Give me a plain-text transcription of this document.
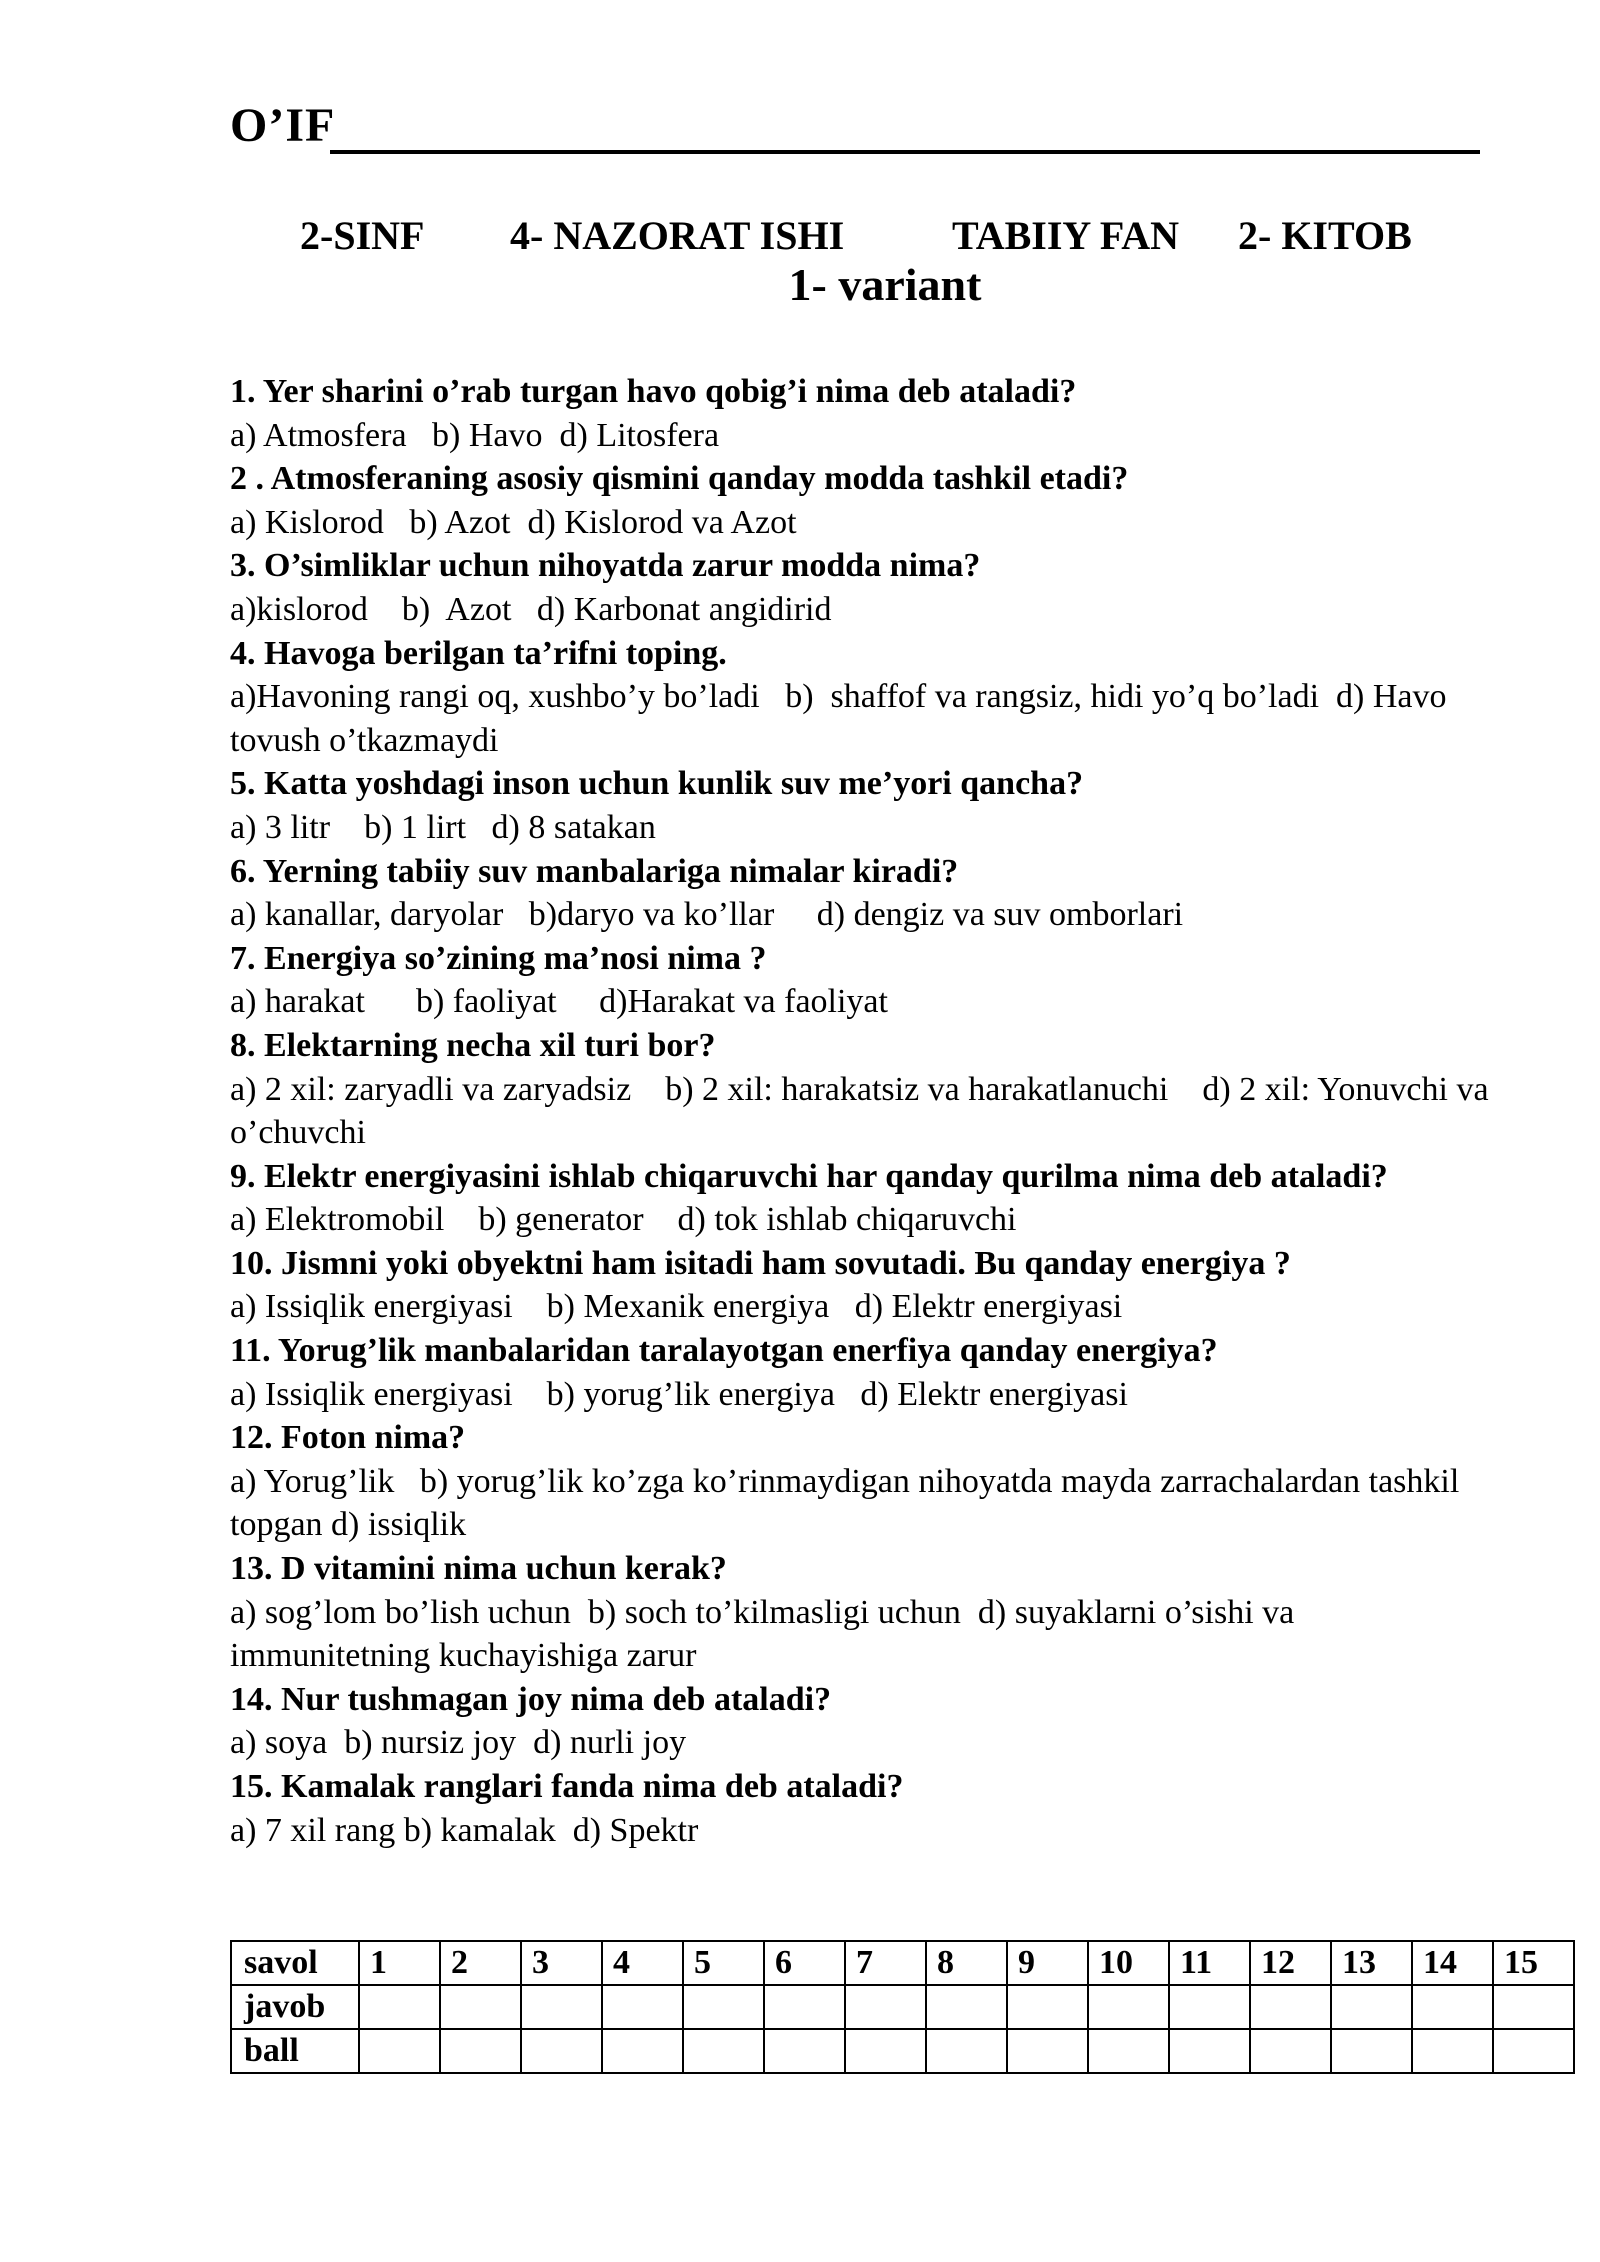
O’IF
2-SINF 4- NAZORAT ISHI	TABIIY FAN 2- KITOB
1- variant

1. Yer sharini o’rab turgan havo qobig’i nima deb ataladi?

a) Atmosfera   b) Havo  d) Litosfera

2 . Atmosferaning asosiy qismini qanday modda tashkil etadi?

a) Kislorod   b) Azot  d) Kislorod va Azot

3. O’simliklar uchun nihoyatda zarur modda nima?

a)kislorod    b)  Azot   d) Karbonat angidirid

4. Havoga berilgan ta’rifni toping.

a)Havoning rangi oq, xushbo’y bo’ladi   b)  shaffof va rangsiz, hidi yo’q bo’ladi  d) Havo tovush o’tkazmaydi

5. Katta yoshdagi inson uchun kunlik suv me’yori qancha?

a) 3 litr    b) 1 lirt   d) 8 satakan

6. Yerning tabiiy suv manbalariga nimalar kiradi?

a) kanallar, daryolar   b)daryo va ko’llar     d) dengiz va suv omborlari

7. Energiya so’zining ma’nosi nima ?

a) harakat      b) faoliyat     d)Harakat va faoliyat

8. Elektarning necha xil turi bor?

a) 2 xil: zaryadli va zaryadsiz    b) 2 xil: harakatsiz va harakatlanuchi    d) 2 xil: Yonuvchi va o’chuvchi

9. Elektr energiyasini ishlab chiqaruvchi har qanday qurilma nima deb ataladi?

a) Elektromobil    b) generator    d) tok ishlab chiqaruvchi

10. Jismni yoki obyektni ham isitadi ham sovutadi. Bu qanday energiya ?

a) Issiqlik energiyasi    b) Mexanik energiya   d) Elektr energiyasi

11. Yorug’lik manbalaridan taralayotgan enerfiya qanday energiya?

a) Issiqlik energiyasi    b) yorug’lik energiya   d) Elektr energiyasi

12. Foton nima?

a) Yorug’lik   b) yorug’lik ko’zga ko’rinmaydigan nihoyatda mayda zarrachalardan tashkil topgan d) issiqlik

13. D vitamini nima uchun kerak?

a) sog’lom bo’lish uchun  b) soch to’kilmasligi uchun  d) suyaklarni o’sishi va immunitetning kuchayishiga zarur

14. Nur tushmagan joy nima deb ataladi?

a) soya  b) nursiz joy  d) nurli joy

15. Kamalak ranglari fanda nima deb ataladi?

a) 7 xil rang b) kamalak  d) Spektr

savol	1	2	3	4	5	6	7	8	9	10	11	12	13	14	15
javob															
ball															
